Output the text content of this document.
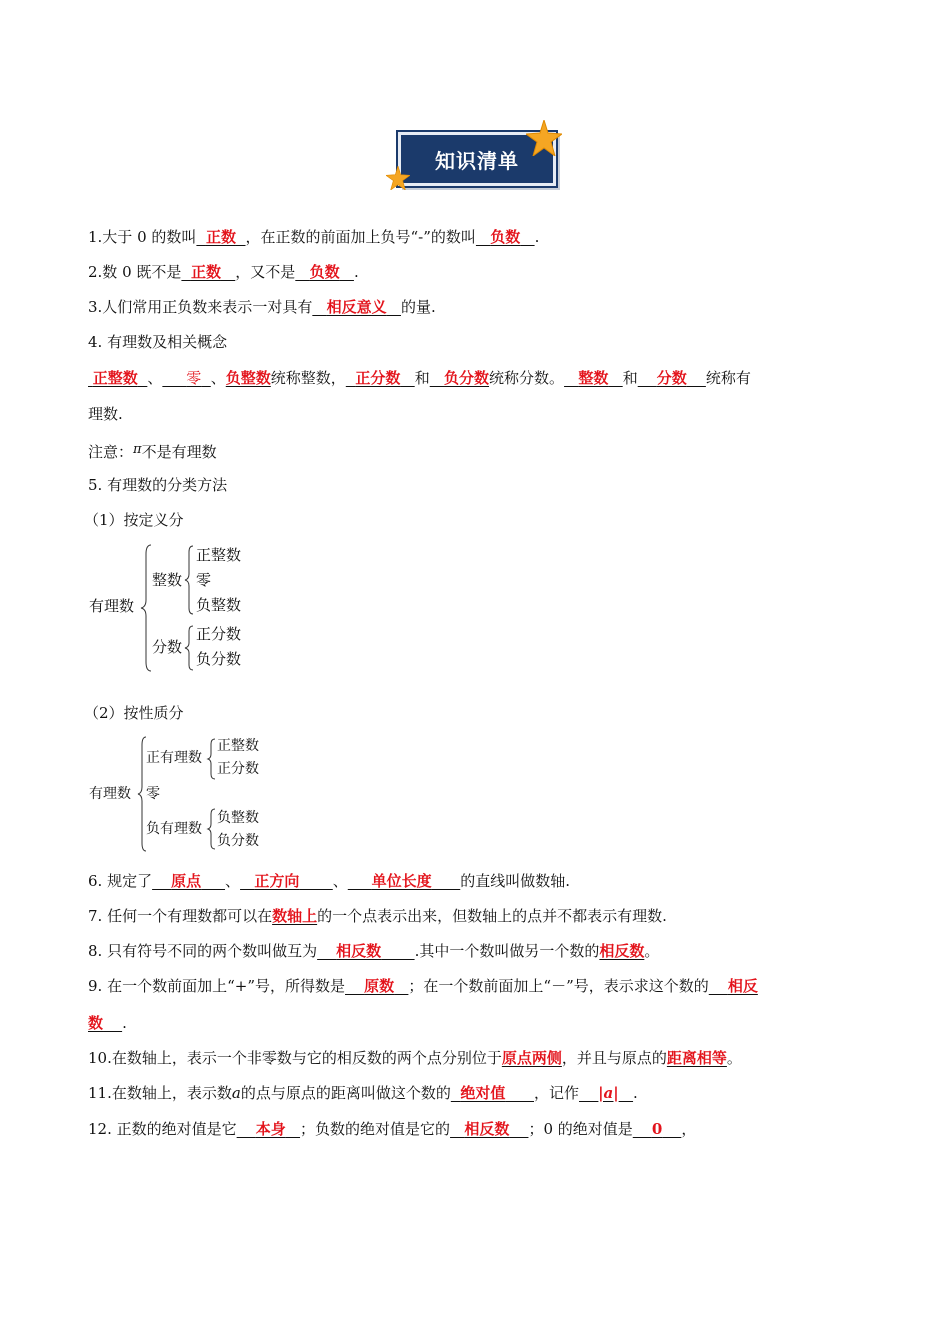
知识清单
1.大于 0 的数叫 正数 ，在正数的前面加上负号“-”的数叫 负数 .
2.数 0 既不是 正数 ，又不是 负数 .
3.人们常用正负数来表示一对具有 相反意义 的量.
4. 有理数及相关概念
正整数 、 零 、负整数统称整数， 正分数 和 负分数统称分数。 整数 和 分数 统称有
理数.
注意：π不是有理数
5. 有理数的分类方法
（1）按定义分
有理数
整数
正整数
零
负整数
分数
正分数
负分数
（2）按性质分
有理数
正有理数
正整数
正分数
零
负有理数
负整数
负分数
6. 规定了 原点 、 正方向 、 单位长度 的直线叫做数轴.
7. 任何一个有理数都可以在数轴上的一个点表示出来，但数轴上的点并不都表示有理数.
8. 只有符号不同的两个数叫做互为 相反数 .其中一个数叫做另一个数的相反数。
9. 在一个数前面加上“+”号，所得数是 原数 ；在一个数前面加上“－”号，表示求这个数的 相反
数 .
10.在数轴上，表示一个非零数与它的相反数的两个点分别位于原点两侧，并且与原点的距离相等。
11.在数轴上，表示数a的点与原点的距离叫做这个数的 绝对值 ，记作 |a| .
12. 正数的绝对值是它 本身 ；负数的绝对值是它的 相反数 ；0 的绝对值是 0 ，
